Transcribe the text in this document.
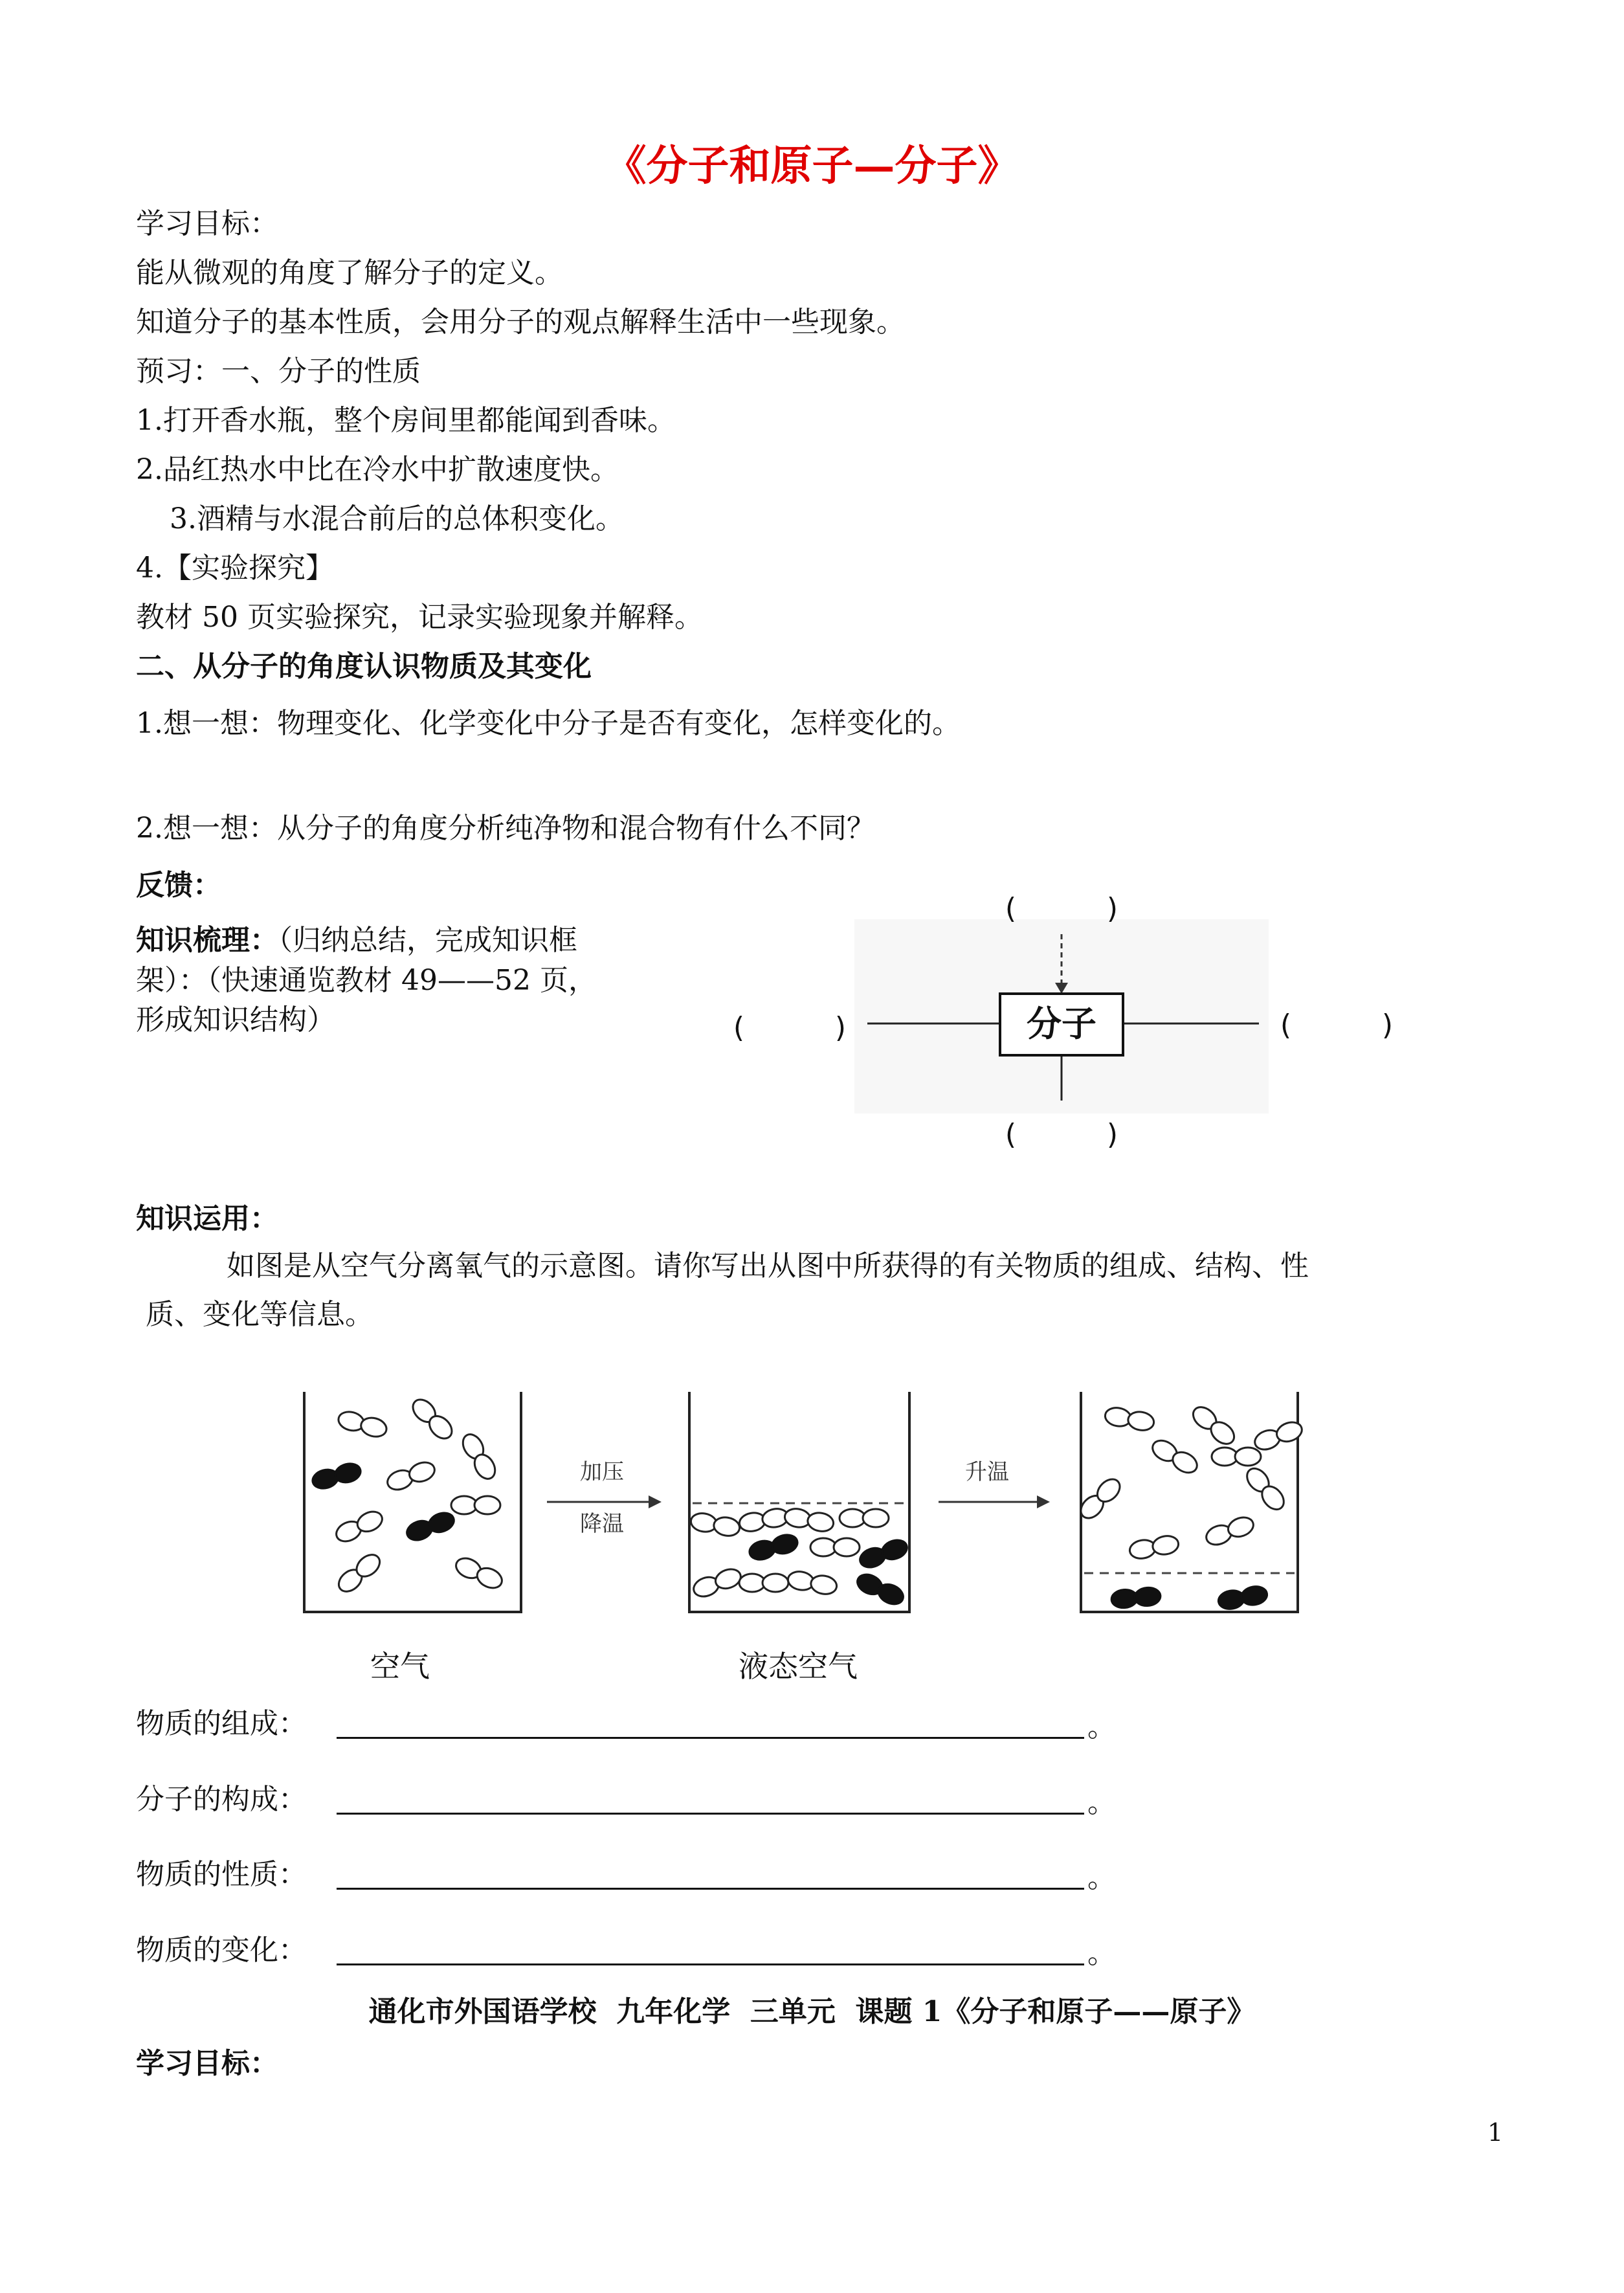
《分子和原子—分子》
学习目标：
能从微观的角度了解分子的定义。
知道分子的基本性质，会用分子的观点解释生活中一些现象。
预习：一、分子的性质
1.打开香水瓶，整个房间里都能闻到香味。
2.品红热水中比在冷水中扩散速度快。
3.酒精与水混合前后的总体积变化。
4.【实验探究】
教材 50 页实验探究，记录实验现象并解释。
二、从分子的角度认识物质及其变化
1.想一想：物理变化、化学变化中分子是否有变化，怎样变化的。
2.想一想：从分子的角度分析纯净物和混合物有什么不同？
反馈：
知识梳理：（归纳总结，完成知识框
架）：（快速通览教材 49——52 页，
形成知识结构）	分子
(          )
(          )	(          )
(          )
知识运用：
如图是从空气分离氧气的示意图。请你写出从图中所获得的有关物质的组成、结构、性
质、变化等信息。
加压
降温
升温
空气	液态空气
物质的组成：	。
分子的构成：	。
物质的性质：	。
物质的变化：	。
通化市外国语学校  九年化学  三单元  课题 1《分子和原子——原子》
学习目标：
1
